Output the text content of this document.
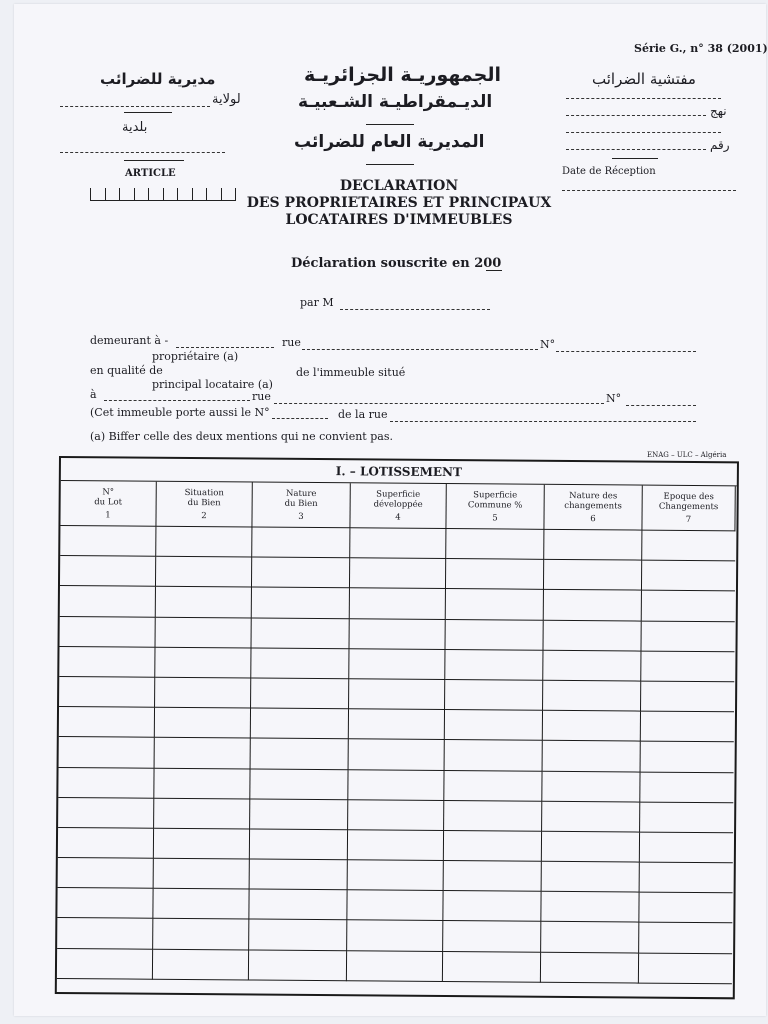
Série G., n° 38 (2001)
مديرية للضرائب
لولاية
بلدية
ARTICLE
الجمهوريـة الجزائريـة
الديـمقراطيـة الشـعبيـة
المديرية العام للضرائب
مفتشية الضرائب
نهج
رقم
Date de Réception
DECLARATION
DES PROPRIETAIRES ET PRINCIPAUX
LOCATAIRES D'IMMEUBLES
Déclaration souscrite en 200
par M
demeurant à -	rue	N°
propriétaire (a)
en qualité de	de l'immeuble situé
principal locataire (a)
à	rue	N°
(Cet immeuble porte aussi le N°	de la rue
(a) Biffer celle des deux mentions qui ne convient pas.
ENAG – ULC – Algéria
I. – LOTISSEMENT
N°
du Lot
1
Situation
du Bien
2
Nature
du Bien
3
Superficie
développée
4
Superficie
Commune %
5
Nature des
changements
6
Epoque des
Changements
7
